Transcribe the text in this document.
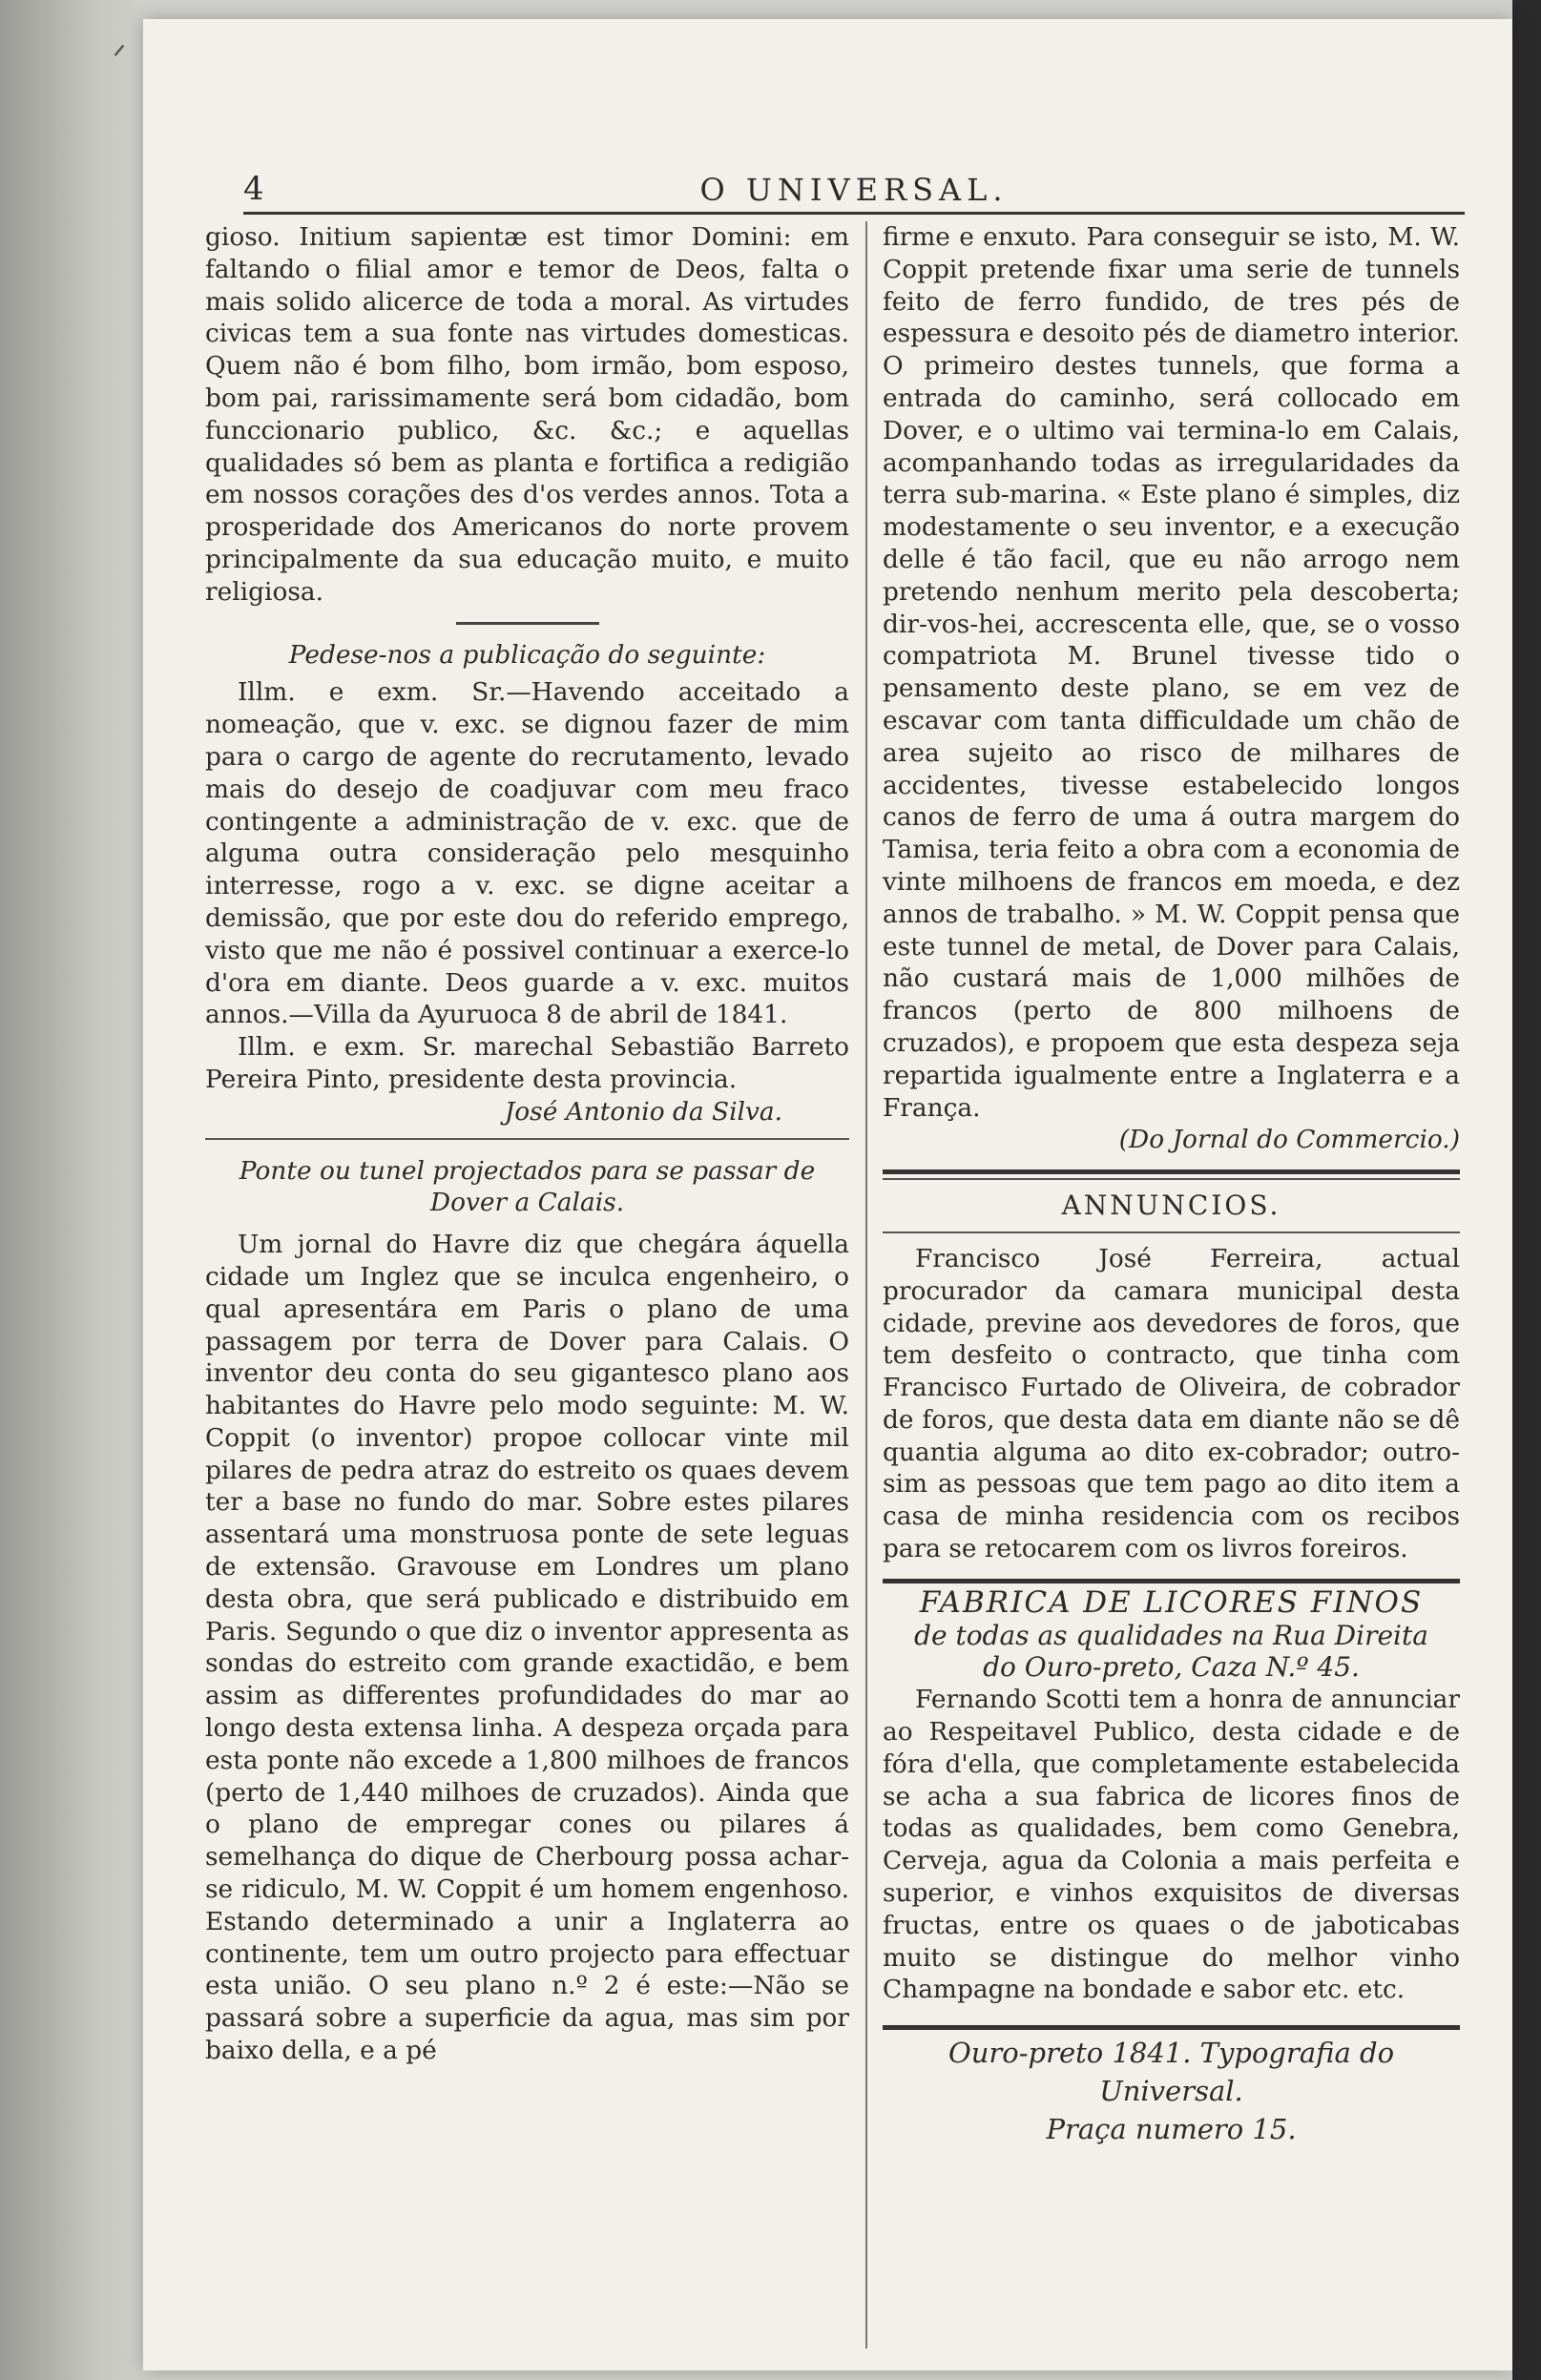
ᐟ
4	O UNIVERSAL.

gioso. Initium sapientæ est timor Domini: em faltando o filial amor e temor de Deos, falta o mais solido alicerce de toda a moral. As virtudes civicas tem a sua fonte nas virtudes domesticas. Quem não é bom filho, bom irmão, bom esposo, bom pai, rarissimamente será bom cidadão, bom funccionario publico, &c. &c.; e aquellas qualidades só bem as planta e fortifica a redigião em nossos corações des d'os verdes annos. Tota a prosperidade dos Americanos do norte provem principalmente da sua educação muito, e muito religiosa.

Pedese-nos a publicação do seguinte:

Illm. e exm. Sr.—Havendo acceitado a nomeação, que v. exc. se dignou fazer de mim para o cargo de agente do recrutamento, levado mais do desejo de coadjuvar com meu fraco contingente a administração de v. exc. que de alguma outra consideração pelo mesquinho interresse, rogo a v. exc. se digne aceitar a demissão, que por este dou do referido emprego, visto que me não é possivel continuar a exerce-lo d'ora em diante. Deos guarde a v. exc. muitos annos.—Villa da Ayuruoca 8 de abril de 1841.

Illm. e exm. Sr. marechal Sebastião Barreto Pereira Pinto, presidente desta provincia.

José Antonio da Silva.

Ponte ou tunel projectados para se passar de Dover a Calais.

Um jornal do Havre diz que chegára áquella cidade um Inglez que se inculca engenheiro, o qual apresentára em Paris o plano de uma passagem por terra de Dover para Calais. O inventor deu conta do seu gigantesco plano aos habitantes do Havre pelo modo seguinte: M. W. Coppit (o inventor) propoe collocar vinte mil pilares de pedra atraz do estreito os quaes devem ter a base no fundo do mar. Sobre estes pilares assentará uma monstruosa ponte de sete leguas de extensão. Gravouse em Londres um plano desta obra, que será publicado e distribuido em Paris. Segundo o que diz o inventor appresenta as sondas do estreito com grande exactidão, e bem assim as differentes profundidades do mar ao longo desta extensa linha. A despeza orçada para esta ponte não excede a 1,800 milhoes de francos (perto de 1,440 milhoes de cruzados). Ainda que o plano de empregar cones ou pilares á semelhança do dique de Cherbourg possa achar-se ridiculo, M. W. Coppit é um homem engenhoso. Estando determinado a unir a Inglaterra ao continente, tem um outro projecto para effectuar esta união. O seu plano n.º 2 é este:—Não se passará sobre a superficie da agua, mas sim por baixo della, e a pé

firme e enxuto. Para conseguir se isto, M. W. Coppit pretende fixar uma serie de tunnels feito de ferro fundido, de tres pés de espessura e desoito pés de diametro interior. O primeiro destes tunnels, que forma a entrada do caminho, será collocado em Dover, e o ultimo vai termina-lo em Calais, acompanhando todas as irregularidades da terra sub-marina. « Este plano é simples, diz modestamente o seu inventor, e a execução delle é tão facil, que eu não arrogo nem pretendo nenhum merito pela descoberta; dir-vos-hei, accrescenta elle, que, se o vosso compatriota M. Brunel tivesse tido o pensamento deste plano, se em vez de escavar com tanta difficuldade um chão de area sujeito ao risco de milhares de accidentes, tivesse estabelecido longos canos de ferro de uma á outra margem do Tamisa, teria feito a obra com a economia de vinte milhoens de francos em moeda, e dez annos de trabalho. » M. W. Coppit pensa que este tunnel de metal, de Dover para Calais, não custará mais de 1,000 milhões de francos (perto de 800 milhoens de cruzados), e propoem que esta despeza seja repartida igualmente entre a Inglaterra e a França.

(Do Jornal do Commercio.)

ANNUNCIOS.

Francisco José Ferreira, actual procurador da camara municipal desta cidade, previne aos devedores de foros, que tem desfeito o contracto, que tinha com Francisco Furtado de Oliveira, de cobrador de foros, que desta data em diante não se dê quantia alguma ao dito ex-cobrador; outro-sim as pessoas que tem pago ao dito item a casa de minha residencia com os recibos para se retocarem com os livros foreiros.

FABRICA DE LICORES FINOS

de todas as qualidades na Rua Direita

do Ouro-preto, Caza N.º 45.

Fernando Scotti tem a honra de annunciar ao Respeitavel Publico, desta cidade e de fóra d'ella, que completamente estabelecida se acha a sua fabrica de licores finos de todas as qualidades, bem como Genebra, Cerveja, agua da Colonia a mais perfeita e superior, e vinhos exquisitos de diversas fructas, entre os quaes o de jaboticabas muito se distingue do melhor vinho Champagne na bondade e sabor etc. etc.

Ouro-preto 1841. Typografia do Universal.

Praça numero 15.
